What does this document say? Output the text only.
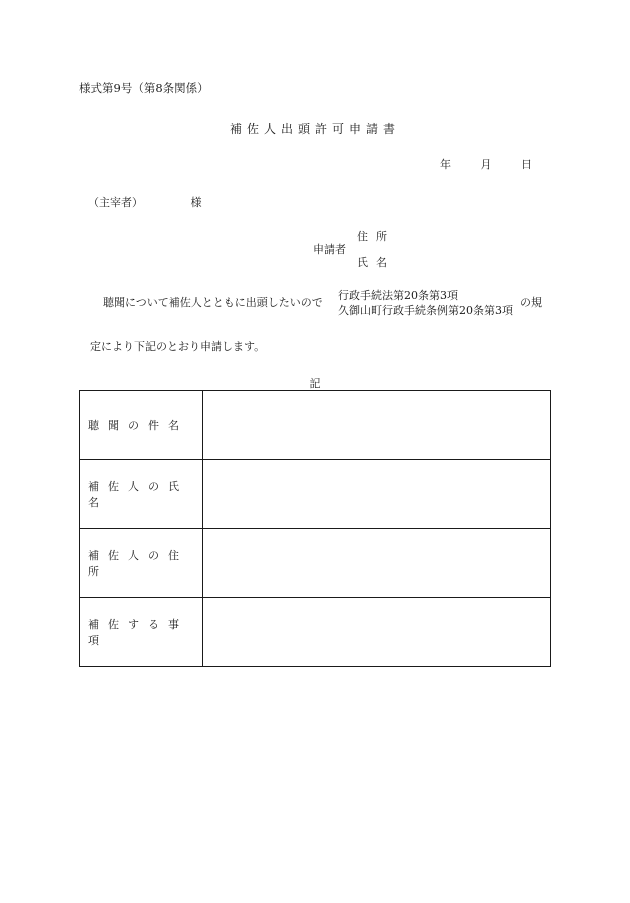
様式第9号（第8条関係）
補佐人出頭許可申請書
年	月	日
（主宰者）	様
申請者
住所
氏名
聴聞について補佐人とともに出頭したいので
行政手続法第20条第3項
久御山町行政手続条例第20条第3項
の規
定により下記のとおり申請します。
記
聴聞の件名	
補佐人の氏名	
補佐人の住所	
補佐する事項	
